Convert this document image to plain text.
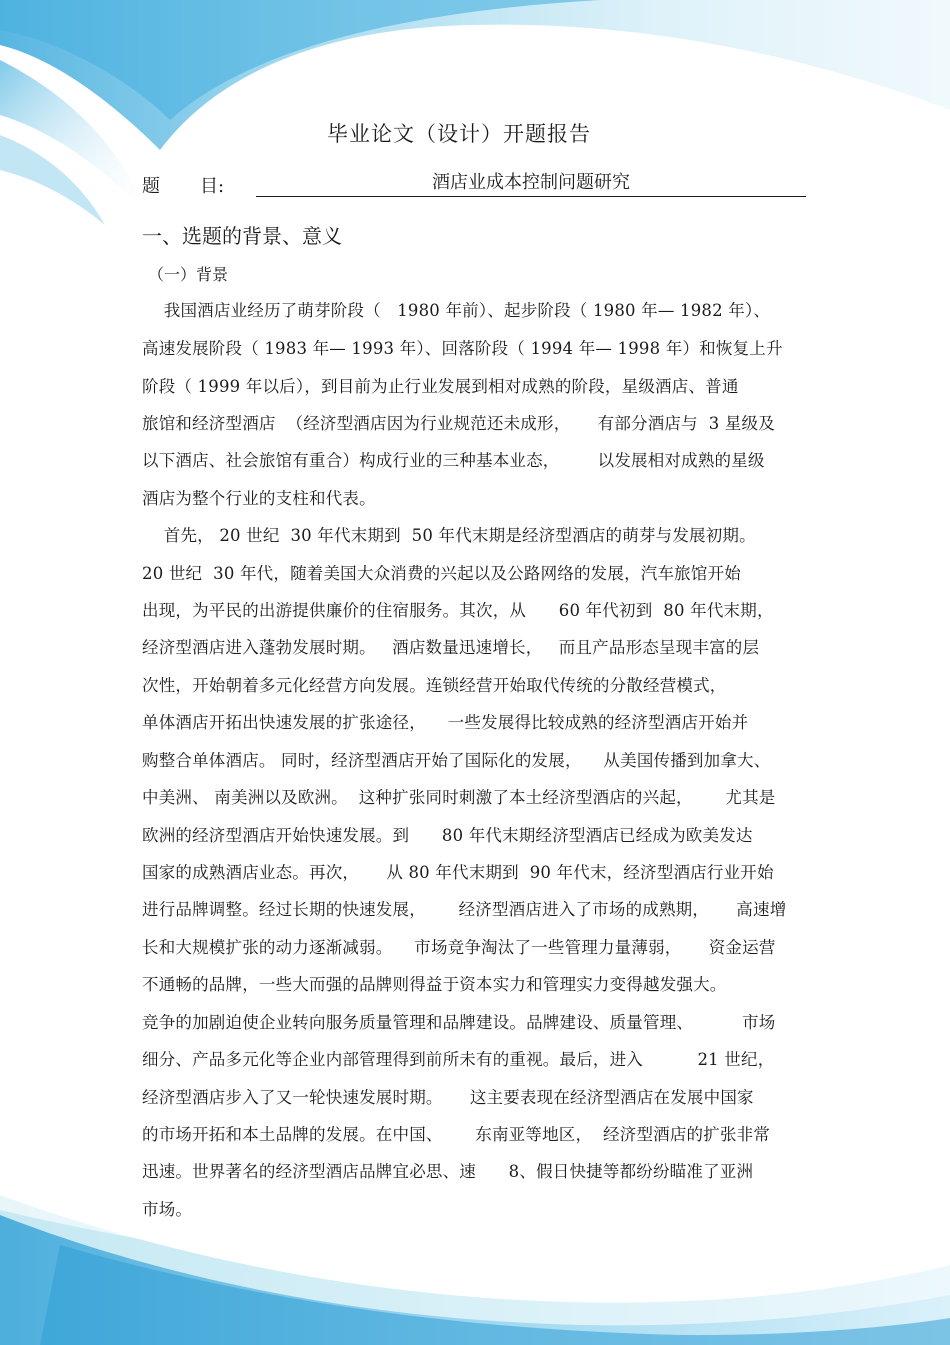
毕业论文（设计）开题报告
题 目:	酒店业成本控制问题研究
一、选题的背景、意义
（一）背景
我国酒店业经历了萌芽阶段（   1980 年前）、起步阶段（ 1980 年— 1982 年）、
高速发展阶段（ 1983 年— 1993 年）、回落阶段（ 1994 年— 1998 年）和恢复上升
阶段（ 1999 年以后），到目前为止行业发展到相对成熟的阶段，星级酒店、普通
旅馆和经济型酒店  （经济型酒店因为行业规范还未成形，     有部分酒店与  3 星级及
以下酒店、社会旅馆有重合）构成行业的三种基本业态，       以发展相对成熟的星级
酒店为整个行业的支柱和代表。
首先， 20 世纪  30 年代末期到  50 年代末期是经济型酒店的萌芽与发展初期。
20 世纪  30 年代，随着美国大众消费的兴起以及公路网络的发展，汽车旅馆开始
出现，为平民的出游提供廉价的住宿服务。其次，从      60 年代初到  80 年代末期，
经济型酒店进入蓬勃发展时期。   酒店数量迅速增长，   而且产品形态呈现丰富的层
次性，开始朝着多元化经营方向发展。连锁经营开始取代传统的分散经营模式，
单体酒店开拓出快速发展的扩张途径，    一些发展得比较成熟的经济型酒店开始并
购整合单体酒店。 同时，经济型酒店开始了国际化的发展，    从美国传播到加拿大、
中美洲、 南美洲以及欧洲。  这种扩张同时刺激了本土经济型酒店的兴起，      尤其是
欧洲的经济型酒店开始快速发展。到      80 年代末期经济型酒店已经成为欧美发达
国家的成熟酒店业态。再次，     从 80 年代末期到  90 年代末，经济型酒店行业开始
进行品牌调整。经过长期的快速发展，      经济型酒店进入了市场的成熟期，     高速增
长和大规模扩张的动力逐渐减弱。    市场竞争淘汰了一些管理力量薄弱，     资金运营
不通畅的品牌，一些大而强的品牌则得益于资本实力和管理实力变得越发强大。
竞争的加剧迫使企业转向服务质量管理和品牌建设。品牌建设、质量管理、         市场
细分、产品多元化等企业内部管理得到前所未有的重视。最后，进入          21 世纪，
经济型酒店步入了又一轮快速发展时期。     这主要表现在经济型酒店在发展中国家
的市场开拓和本土品牌的发展。在中国、      东南亚等地区，  经济型酒店的扩张非常
迅速。世界著名的经济型酒店品牌宜必思、速      8、假日快捷等都纷纷瞄准了亚洲
市场。
